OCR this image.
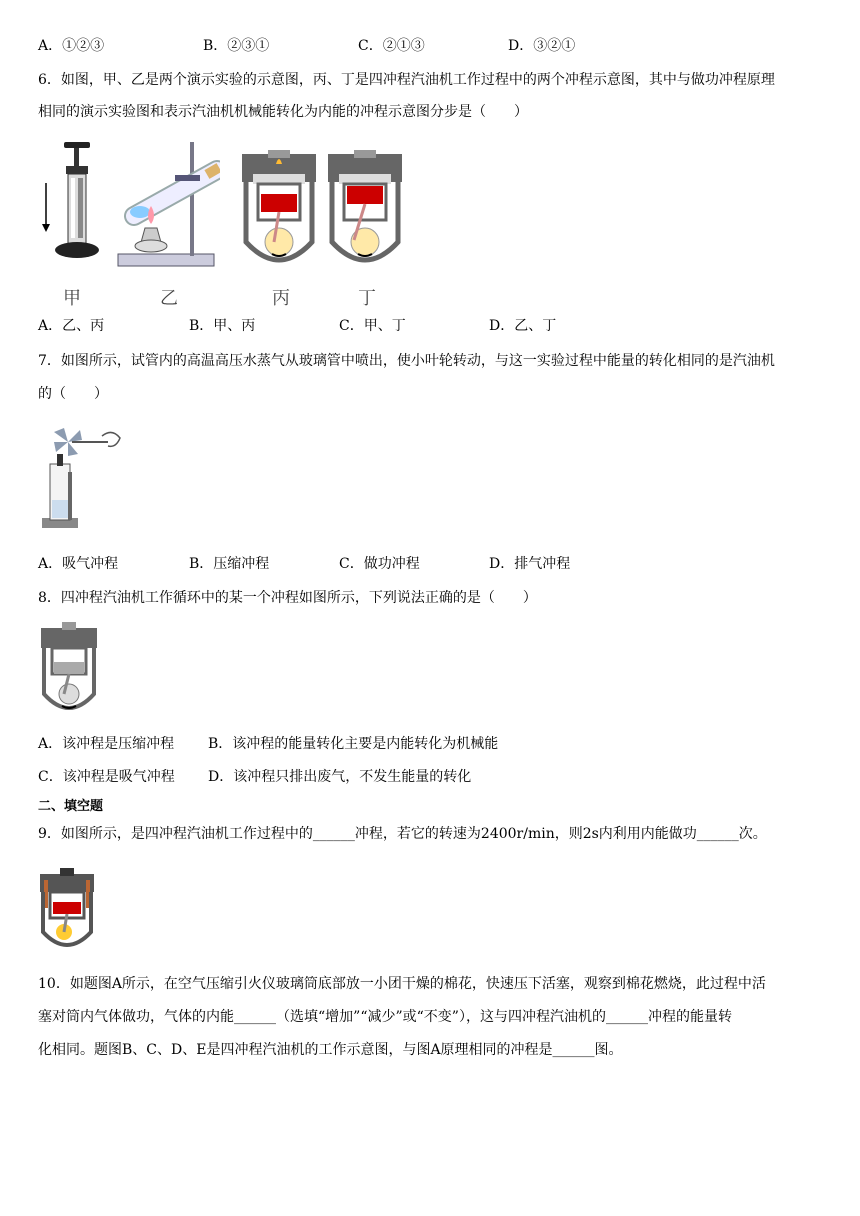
A．①②③	B．②③①	C．②①③	D．③②①
6．如图，甲、乙是两个演示实验的示意图，丙、丁是四冲程汽油机工作过程中的两个冲程示意图，其中与做功冲程原理
相同的演示实验图和表示汽油机机械能转化为内能的冲程示意图分步是（　　）
甲	乙	丙	丁
A．乙、丙	B．甲、丙	C．甲、丁	D．乙、丁
7．如图所示，试管内的高温高压水蒸气从玻璃管中喷出，使小叶轮转动，与这一实验过程中能量的转化相同的是汽油机
的（　　）
A．吸气冲程	B．压缩冲程	C．做功冲程	D．排气冲程
8．四冲程汽油机工作循环中的某一个冲程如图所示，下列说法正确的是（　　）
A．该冲程是压缩冲程 B．该冲程的能量转化主要是内能转化为机械能
C．该冲程是吸气冲程 D．该冲程只排出废气，不发生能量的转化
二、填空题
9．如图所示，是四冲程汽油机工作过程中的______冲程，若它的转速为2400r/min，则2s内利用内能做功______次。
10．如题图A所示，在空气压缩引火仪玻璃筒底部放一小团干燥的棉花，快速压下活塞，观察到棉花燃烧，此过程中活
塞对筒内气体做功，气体的内能______（选填“增加”“减少”或“不变”），这与四冲程汽油机的______冲程的能量转
化相同。题图B、C、D、E是四冲程汽油机的工作示意图，与图A原理相同的冲程是______图。
